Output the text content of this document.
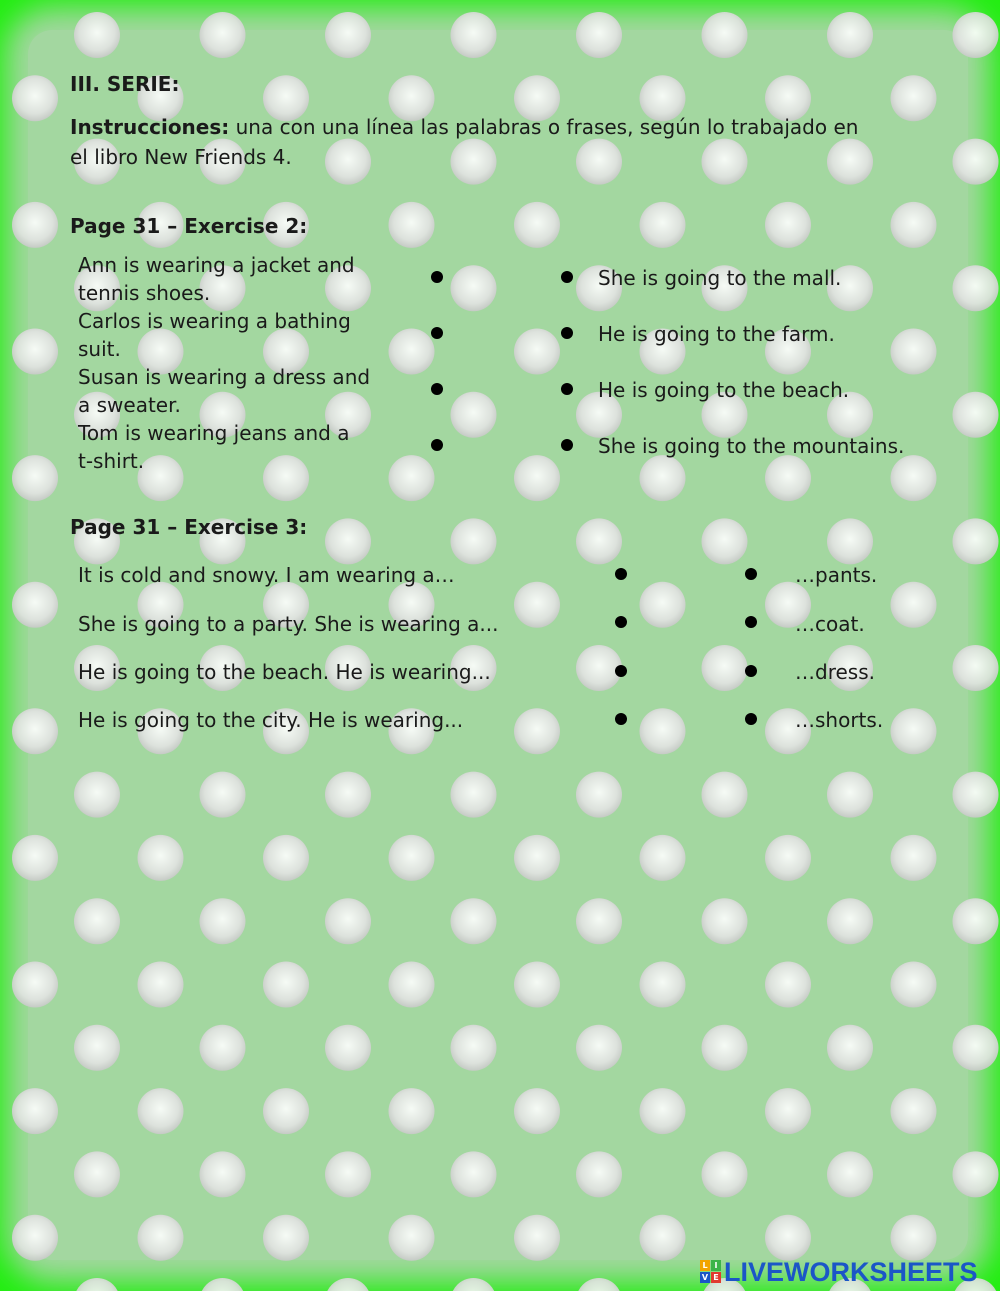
III. SERIE:
Instrucciones: una con una línea las palabras o frases, según lo trabajado en
el libro New Friends 4.
Page 31 – Exercise 2:
Ann is wearing a jacket and
tennis shoes.
Carlos is wearing a bathing
suit.
Susan is wearing a dress and
a sweater.
Tom is wearing jeans and a
t-shirt.
She is going to the mall.
He is going to the farm.
He is going to the beach.
She is going to the mountains.
Page 31 – Exercise 3:
It is cold and snowy. I am wearing a…
She is going to a party. She is wearing a...
He is going to the beach. He is wearing...
He is going to the city. He is wearing...
…pants.
…coat.
…dress.
…shorts.
L I
V E LIVEWORKSHEETS
